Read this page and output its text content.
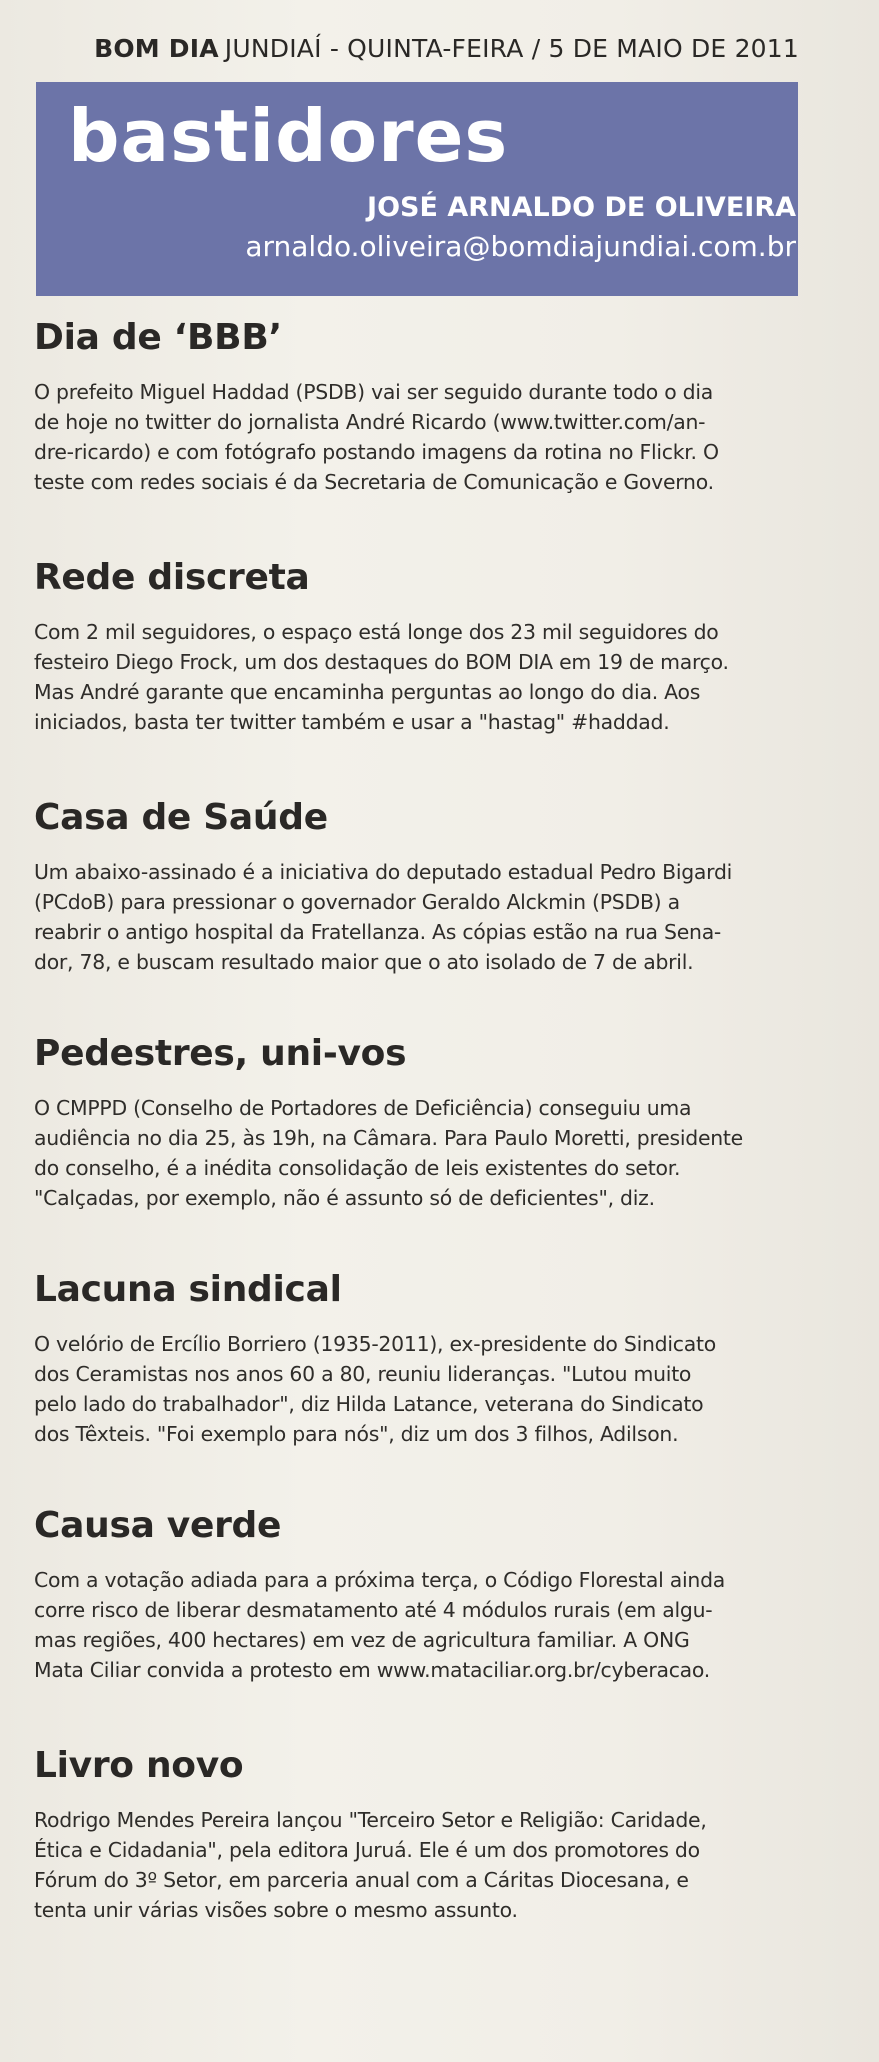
BOM DIA JUNDIAÍ - QUINTA-FEIRA / 5 DE MAIO DE 2011
bastidores
JOSÉ ARNALDO DE OLIVEIRA
arnaldo.oliveira@bomdiajundiai.com.br
Dia de ‘BBB’

O prefeito Miguel Haddad (PSDB) vai ser seguido durante todo o dia
de hoje no twitter do jornalista André Ricardo (www.twitter.com/an-
dre-ricardo) e com fotógrafo postando imagens da rotina no Flickr. O
teste com redes sociais é da Secretaria de Comunicação e Governo.

Rede discreta

Com 2 mil seguidores, o espaço está longe dos 23 mil seguidores do
festeiro Diego Frock, um dos destaques do BOM DIA em 19 de março.
Mas André garante que encaminha perguntas ao longo do dia. Aos
iniciados, basta ter twitter também e usar a "hastag" #haddad.

Casa de Saúde

Um abaixo-assinado é a iniciativa do deputado estadual Pedro Bigardi
(PCdoB) para pressionar o governador Geraldo Alckmin (PSDB) a
reabrir o antigo hospital da Fratellanza. As cópias estão na rua Sena-
dor, 78, e buscam resultado maior que o ato isolado de 7 de abril.

Pedestres, uni-vos

O CMPPD (Conselho de Portadores de Deficiência) conseguiu uma
audiência no dia 25, às 19h, na Câmara. Para Paulo Moretti, presidente
do conselho, é a inédita consolidação de leis existentes do setor.
"Calçadas, por exemplo, não é assunto só de deficientes", diz.

Lacuna sindical

O velório de Ercílio Borriero (1935-2011), ex-presidente do Sindicato
dos Ceramistas nos anos 60 a 80, reuniu lideranças. "Lutou muito
pelo lado do trabalhador", diz Hilda Latance, veterana do Sindicato
dos Têxteis. "Foi exemplo para nós", diz um dos 3 filhos, Adilson.

Causa verde

Com a votação adiada para a próxima terça, o Código Florestal ainda
corre risco de liberar desmatamento até 4 módulos rurais (em algu-
mas regiões, 400 hectares) em vez de agricultura familiar. A ONG
Mata Ciliar convida a protesto em www.mataciliar.org.br/cyberacao.

Livro novo

Rodrigo Mendes Pereira lançou "Terceiro Setor e Religião: Caridade,
Ética e Cidadania", pela editora Juruá. Ele é um dos promotores do
Fórum do 3º Setor, em parceria anual com a Cáritas Diocesana, e
tenta unir várias visões sobre o mesmo assunto.
